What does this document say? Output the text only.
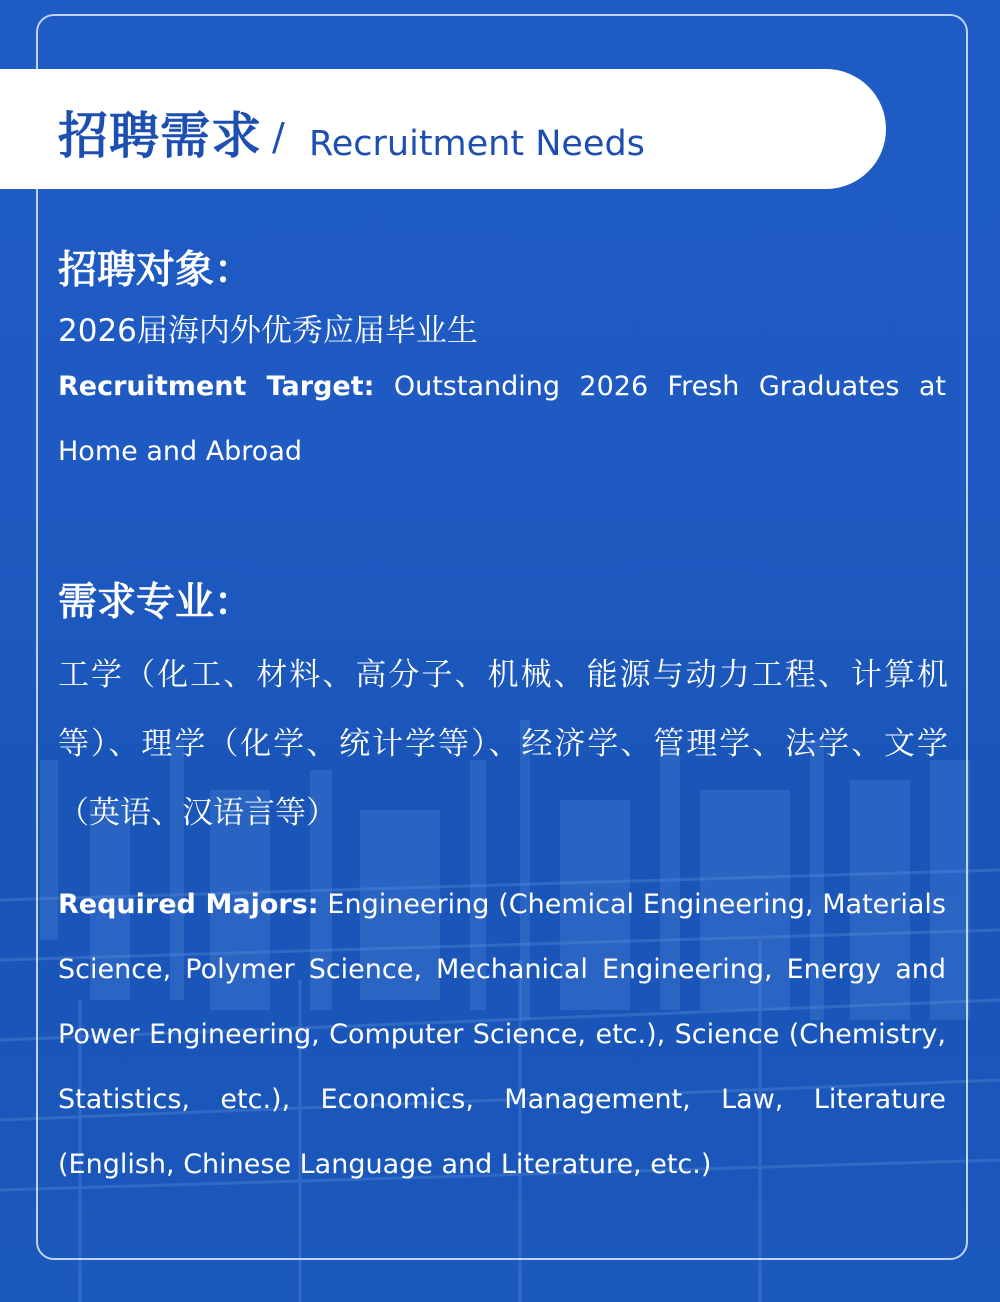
招聘需求 / Recruitment Needs
招聘对象：
2026届海内外优秀应届毕业生
Recruitment Target: Outstanding 2026 Fresh Graduates at Home and Abroad
需求专业：
工学（化工、材料、高分子、机械、能源与动力工程、计算机等）、理学（化学、统计学等）、经济学、管理学、法学、文学（英语、汉语言等）
Required Majors: Engineering (Chemical Engineering, Materials Science, Polymer Science, Mechanical Engineering, Energy and Power Engineering, Computer Science, etc.), Science (Chemistry, Statistics, etc.), Economics, Management, Law, Literature (English, Chinese Language and Literature, etc.)
